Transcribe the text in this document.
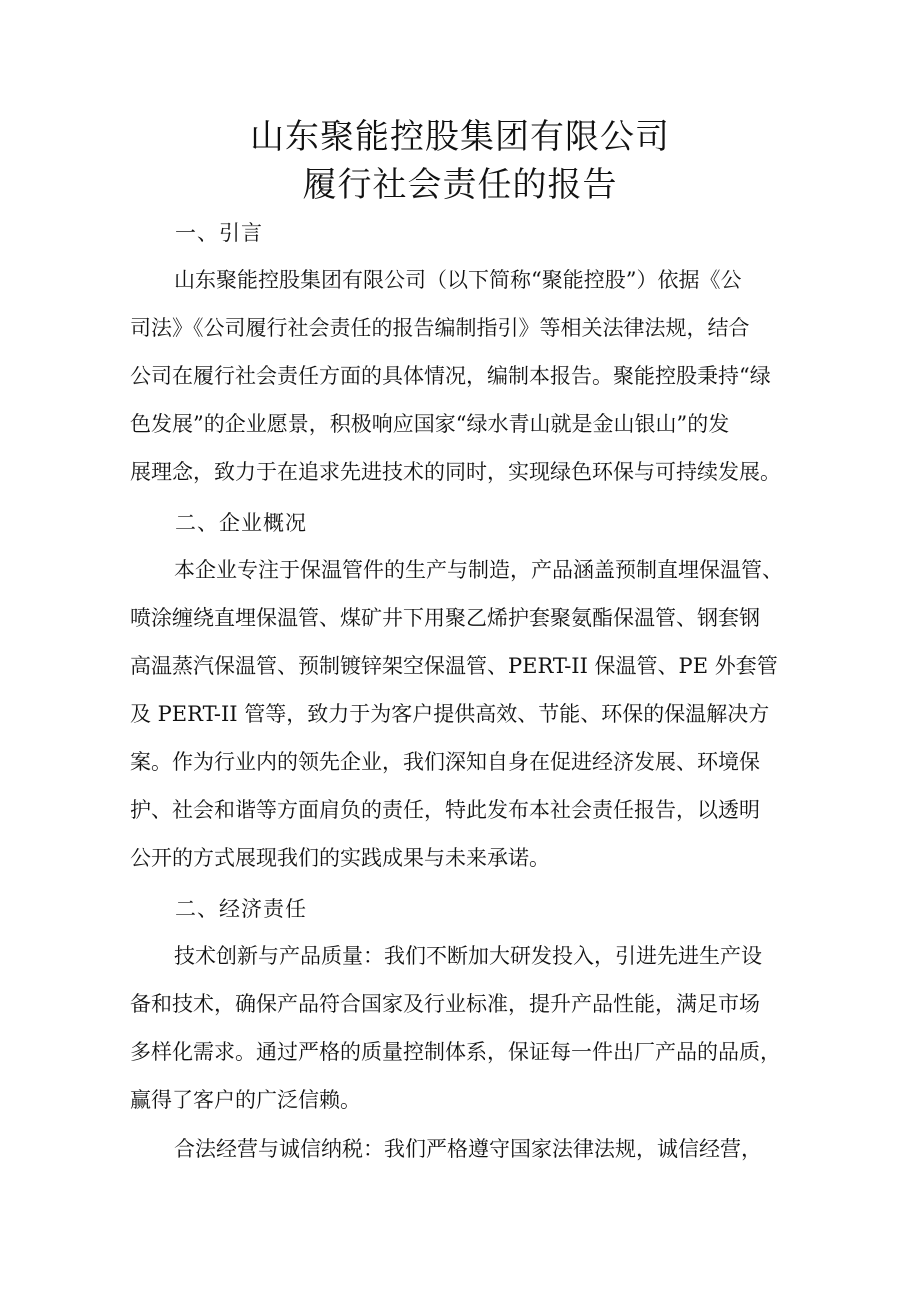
山东聚能控股集团有限公司
履行社会责任的报告
一、引言
山东聚能控股集团有限公司（以下简称“聚能控股”）依据《公
司法》《公司履行社会责任的报告编制指引》等相关法律法规，结合
公司在履行社会责任方面的具体情况，编制本报告。聚能控股秉持“绿
色发展”的企业愿景，积极响应国家“绿水青山就是金山银山”的发
展理念，致力于在追求先进技术的同时，实现绿色环保与可持续发展。
二、企业概况
本企业专注于保温管件的生产与制造，产品涵盖预制直埋保温管、
喷涂缠绕直埋保温管、煤矿井下用聚乙烯护套聚氨酯保温管、钢套钢
高温蒸汽保温管、预制镀锌架空保温管、PERT-II 保温管、PE 外套管
及 PERT-II 管等，致力于为客户提供高效、节能、环保的保温解决方
案。作为行业内的领先企业，我们深知自身在促进经济发展、环境保
护、社会和谐等方面肩负的责任，特此发布本社会责任报告，以透明
公开的方式展现我们的实践成果与未来承诺。
二、经济责任
技术创新与产品质量：我们不断加大研发投入，引进先进生产设
备和技术，确保产品符合国家及行业标准，提升产品性能，满足市场
多样化需求。通过严格的质量控制体系，保证每一件出厂产品的品质，
赢得了客户的广泛信赖。
合法经营与诚信纳税：我们严格遵守国家法律法规，诚信经营，
